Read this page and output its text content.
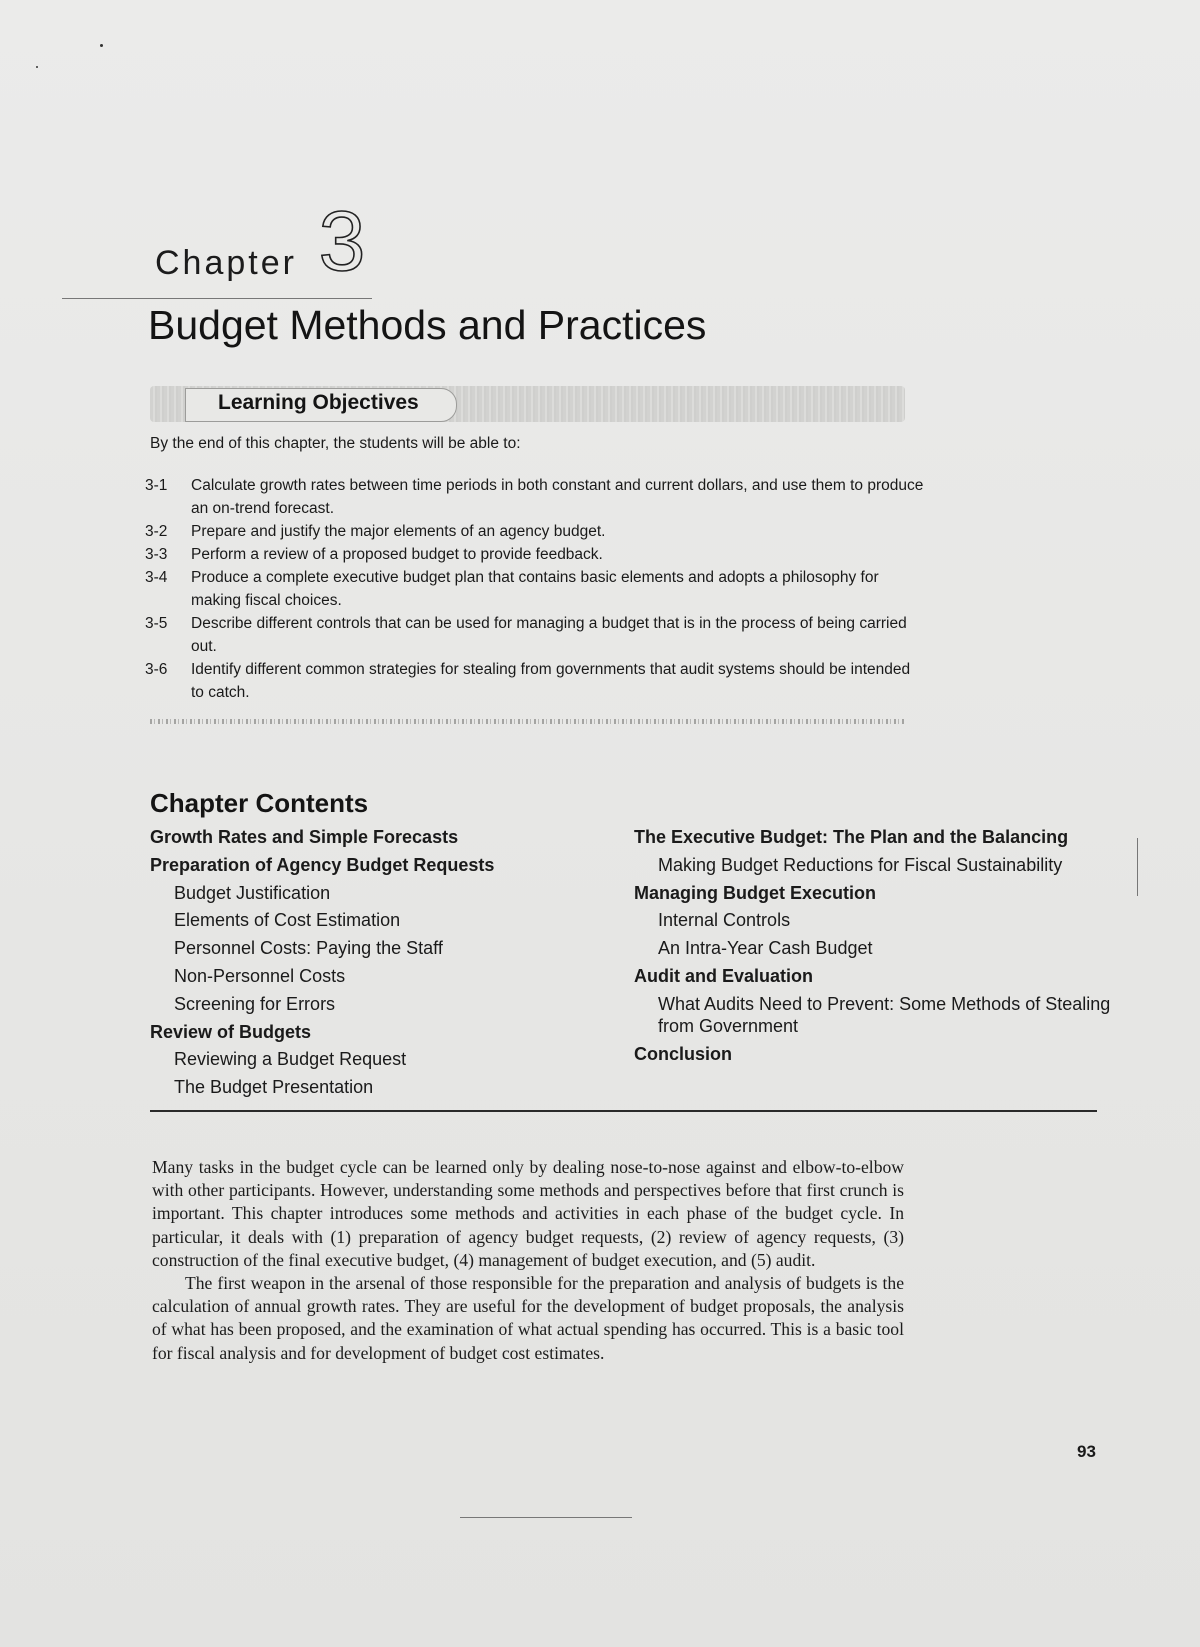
Chapter 3
Budget Methods and Practices
Learning Objectives
By the end of this chapter, the students will be able to:
3-1	Calculate growth rates between time periods in both constant and current dollars, and use them to produce an on-trend forecast.
3-2	Prepare and justify the major elements of an agency budget.
3-3	Perform a review of a proposed budget to provide feedback.
3-4	Produce a complete executive budget plan that contains basic elements and adopts a philosophy for making fiscal choices.
3-5	Describe different controls that can be used for managing a budget that is in the process of being carried out.
3-6	Identify different common strategies for stealing from governments that audit systems should be intended to catch.
Chapter Contents
Growth Rates and Simple Forecasts
Preparation of Agency Budget Requests
Budget Justification
Elements of Cost Estimation
Personnel Costs: Paying the Staff
Non-Personnel Costs
Screening for Errors
Review of Budgets
Reviewing a Budget Request
The Budget Presentation
The Executive Budget: The Plan and the Balancing
Making Budget Reductions for Fiscal Sustainability
Managing Budget Execution
Internal Controls
An Intra-Year Cash Budget
Audit and Evaluation
What Audits Need to Prevent: Some Methods of Stealing from Government
Conclusion

Many tasks in the budget cycle can be learned only by dealing nose-to-nose against and elbow-to-elbow with other participants. However, understanding some methods and perspectives before that first crunch is important. This chapter introduces some methods and activities in each phase of the budget cycle. In particular, it deals with (1) preparation of agency budget requests, (2) review of agency requests, (3) construction of the final executive budget, (4) management of budget execution, and (5) audit.

The first weapon in the arsenal of those responsible for the preparation and analysis of budgets is the calculation of annual growth rates. They are useful for the development of budget proposals, the analysis of what has been proposed, and the examination of what actual spending has occurred. This is a basic tool for fiscal analysis and for development of budget cost estimates.

93
